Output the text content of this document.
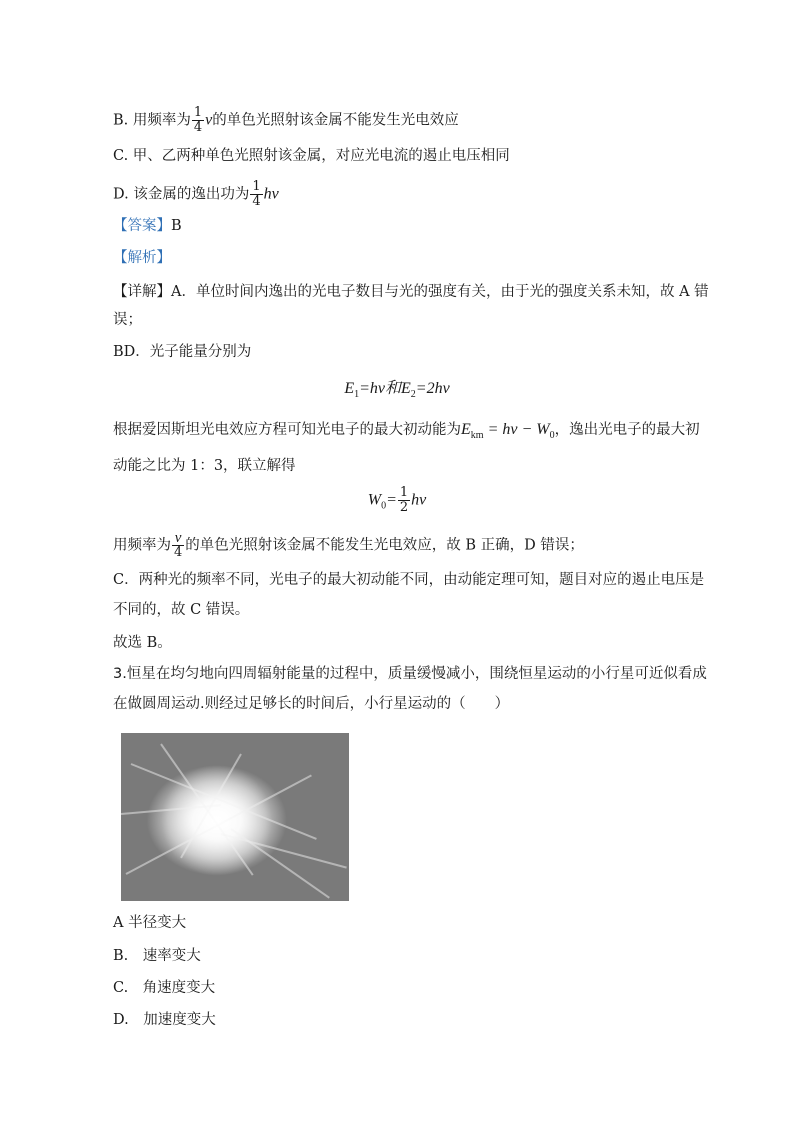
B. 用频率为 $\frac{1}{4}$ ν的单色光照射该金属不能发生光电效应
C. 甲、乙两种单色光照射该金属，对应光电流的遏止电压相同
D. 该金属的逸出功为 $\frac{1}{4}$ hν
【答案】B
【解析】
【详解】A．单位时间内逸出的光电子数目与光的强度有关，由于光的强度关系未知，故 A 错
误；
BD．光子能量分别为
$E_1=h\nu$和$E_2=2h\nu$
根据爱因斯坦光电效应方程可知光电子的最大初动能为$E_{km} = h\nu - W_0$，逸出光电子的最大初
动能之比为 1：3，联立解得
$W_0= \frac{1}{2}$ hν
用频率为 $\frac{\nu}{4}$ 的单色光照射该金属不能发生光电效应，故 B 正确，D 错误；
C．两种光的频率不同，光电子的最大初动能不同，由动能定理可知，题目对应的遏止电压是
不同的，故 C 错误。
故选 B。
3.恒星在均匀地向四周辐射能量的过程中，质量缓慢减小，围绕恒星运动的小行星可近似看成
在做圆周运动.则经过足够长的时间后，小行星运动的（　　）
A 半径变大
B.　速率变大
C.　角速度变大
D.　加速度变大
